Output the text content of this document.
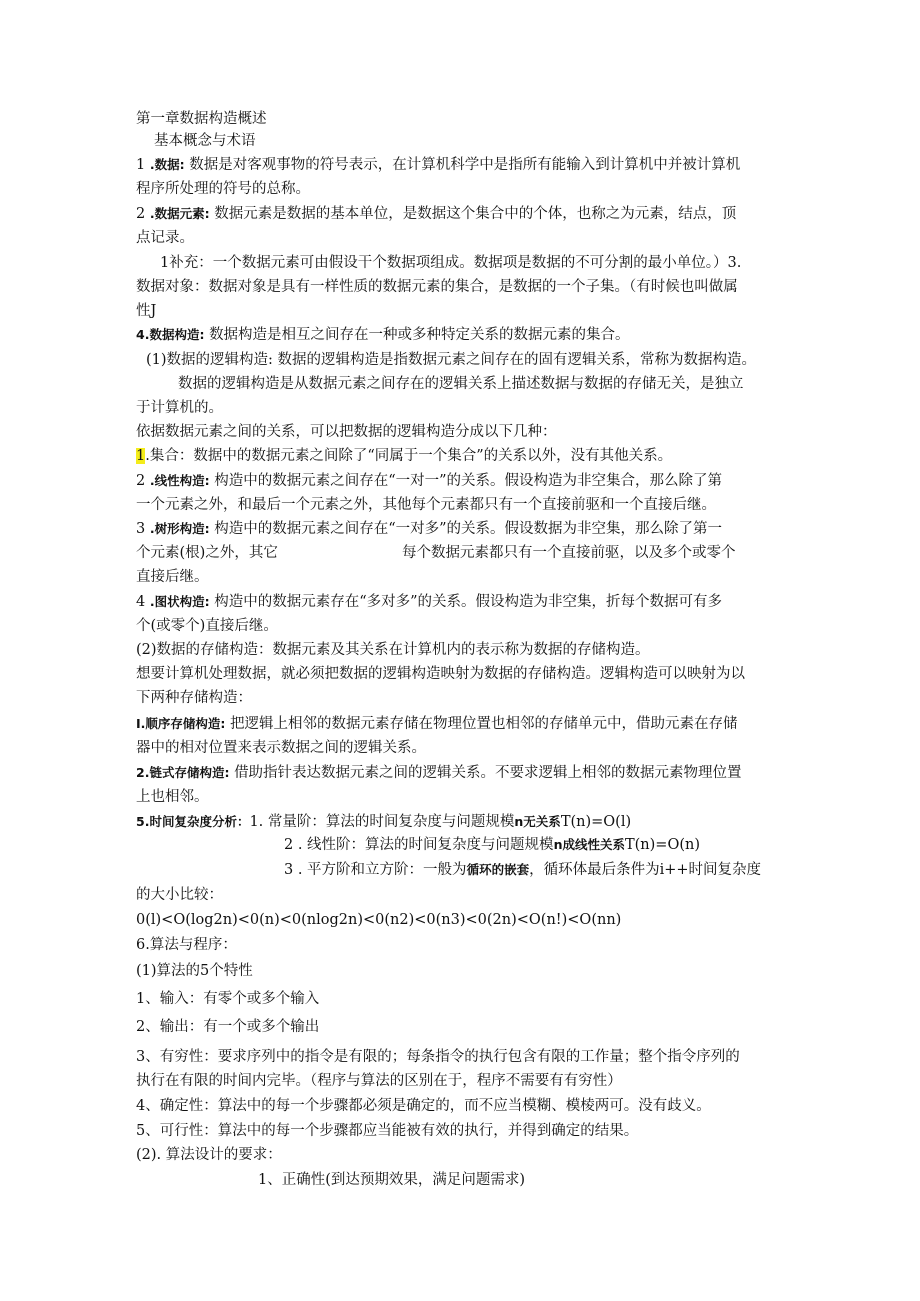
第一章数据构造概述
基本概念与术语
1 .数据: 数据是对客观事物的符号表示，在计算机科学中是指所有能输入到计算机中并被计算机
程序所处理的符号的总称。
2 .数据元素: 数据元素是数据的基本单位，是数据这个集合中的个体，也称之为元素，结点，顶
点记录。
1补充：一个数据元素可由假设干个数据项组成。数据项是数据的不可分割的最小单位。）3.
数据对象：数据对象是具有一样性质的数据元素的集合，是数据的一个子集。（有时候也叫做属
性J
4.数据构造: 数据构造是相互之间存在一种或多种特定关系的数据元素的集合。
(1)数据的逻辑构造: 数据的逻辑构造是指数据元素之间存在的固有逻辑关系，常称为数据构造。
数据的逻辑构造是从数据元素之间存在的逻辑关系上描述数据与数据的存储无关，是独立
于计算机的。
依据数据元素之间的关系，可以把数据的逻辑构造分成以下几种：
1.集合：数据中的数据元素之间除了“同属于一个集合”的关系以外，没有其他关系。
2 .线性构造: 构造中的数据元素之间存在“一对一”的关系。假设构造为非空集合，那么除了第
一个元素之外，和最后一个元素之外，其他每个元素都只有一个直接前驱和一个直接后继。
3 .树形构造: 构造中的数据元素之间存在“一对多”的关系。假设数据为非空集，那么除了第一
个元素(根)之外，其它	每个数据元素都只有一个直接前驱，以及多个或零个
直接后继。
4 .图状构造: 构造中的数据元素存在“多对多”的关系。假设构造为非空集，折每个数据可有多
个(或零个)直接后继。
(2)数据的存储构造：数据元素及其关系在计算机内的表示称为数据的存储构造。
想要计算机处理数据，就必须把数据的逻辑构造映射为数据的存储构造。逻辑构造可以映射为以
下两种存储构造：
I.顺序存储构造: 把逻辑上相邻的数据元素存储在物理位置也相邻的存储单元中，借助元素在存储
器中的相对位置来表示数据之间的逻辑关系。
2.链式存储构造: 借助指针表达数据元素之间的逻辑关系。不要求逻辑上相邻的数据元素物理位置
上也相邻。
5.时间复杂度分析：1. 常量阶：算法的时间复杂度与问题规模n无关系T(n)=O(l)
2 . 线性阶：算法的时间复杂度与问题规模n成线性关系T(n)=O(n)
3 . 平方阶和立方阶：一般为循环的嵌套，循环体最后条件为i++时间复杂度
的大小比较：
0(l)<O(log2n)<0(n)<0(nlog2n)<0(n2)<0(n3)<0(2n)<O(n!)<O(nn)
6.算法与程序：
(1)算法的5个特性
1、输入：有零个或多个输入
2、输出：有一个或多个输出
3、有穷性：要求序列中的指令是有限的；每条指令的执行包含有限的工作量；整个指令序列的
执行在有限的时间内完毕。（程序与算法的区别在于，程序不需要有有穷性）
4、确定性：算法中的每一个步骤都必须是确定的，而不应当模糊、模棱两可。没有歧义。
5、可行性：算法中的每一个步骤都应当能被有效的执行，并得到确定的结果。
(2). 算法设计的要求：
1、正确性(到达预期效果，满足问题需求)
